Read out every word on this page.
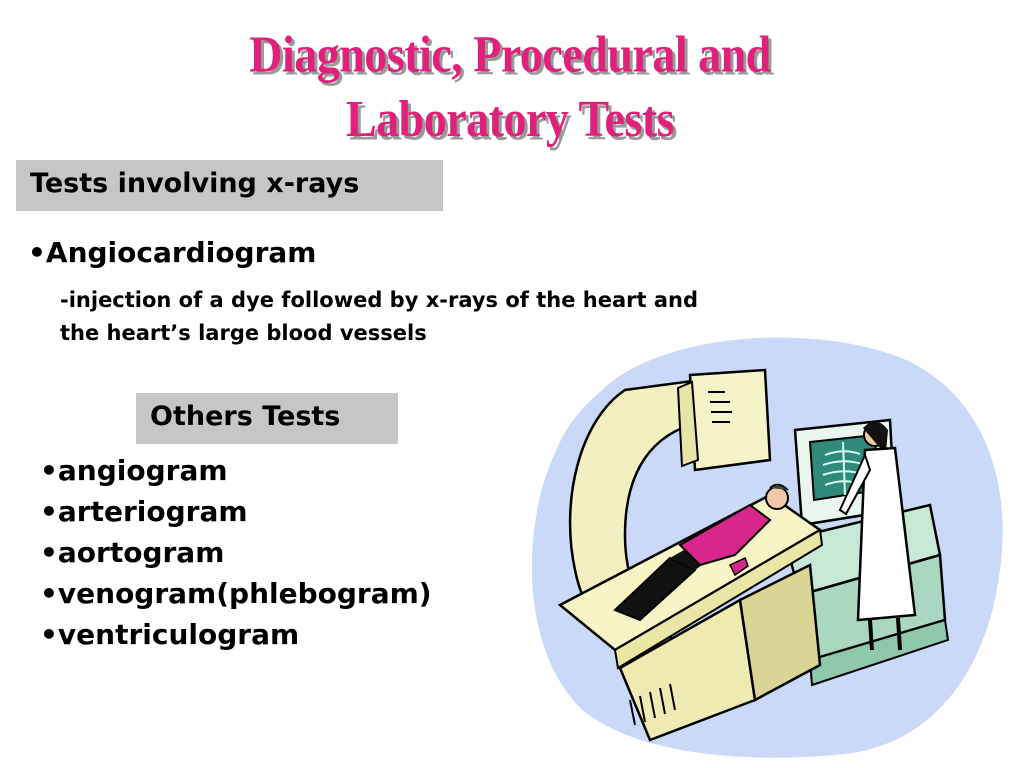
Diagnostic, Procedural and
Laboratory Tests
Tests involving x-rays
•Angiocardiogram
-injection of a dye followed by x-rays of the heart and
the heart’s large blood vessels
Others Tests
•angiogram
•arteriogram
•aortogram
•venogram(phlebogram)
•ventriculogram
